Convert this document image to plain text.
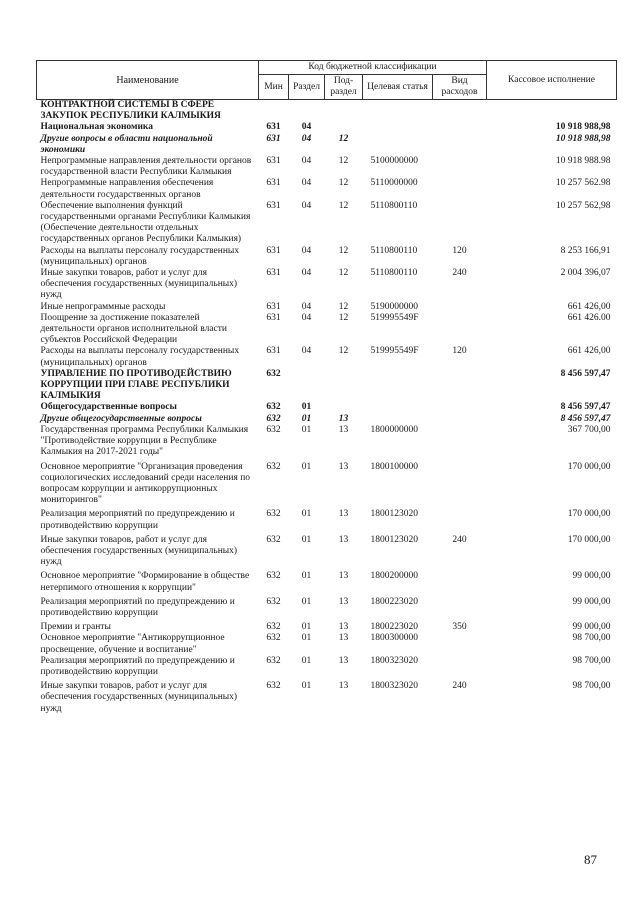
Наименование	Код бюджетной классификации					Кассовое исполнение
	Мин	Раздел	Под-раздел	Целевая статья	Вид расходов	
КОНТРАКТНОЙ СИСТЕМЫ В СФЕРЕ ЗАКУПОК РЕСПУБЛИКИ КАЛМЫКИЯ						
Национальная экономика	631	04				10 918 988,98
Другие вопросы в области национальной экономики	631	04	12			10 918 988,98
Непрограммные направления деятельности органов государственной власти Республики Калмыкия	631	04	12	5100000000		10 918 988.98
Непрограммные направления обеспечения деятельности государственных органов	631	04	12	5110000000		10 257 562.98
Обеспечение выполнения функций государственными органами Республики Калмыкия (Обеспечение деятельности отдельных государственных органов Республики Калмыкия)	631	04	12	5110800110		10 257 562,98
Расходы на выплаты персоналу государственных (муниципальных) органов	631	04	12	5110800110	120	8 253 166,91
Иные закупки товаров, работ и услуг для обеспечения государственных (муниципальных) нужд	631	04	12	5110800110	240	2 004 396,07
Иные непрограммные расходы	631	04	12	5190000000		661 426,00
Поощрение за достижение показателей деятельности органов исполнительной власти субъектов Российской Федерации	631	04	12	519995549F		661 426.00
Расходы на выплаты персоналу государственных (муниципальных) органов	631	04	12	519995549F	120	661 426,00
УПРАВЛЕНИЕ ПО ПРОТИВОДЕЙСТВИЮ КОРРУПЦИИ ПРИ ГЛАВЕ РЕСПУБЛИКИ КАЛМЫКИЯ	632					8 456 597,47
Общегосударственные вопросы	632	01				8 456 597,47
Другие общегосударственные вопросы	632	01	13			8 456 597,47
Государственная программа Республики Калмыкия "Противодействие коррупции в Республике Калмыкия на 2017-2021 годы"	632	01	13	1800000000		367 700,00
Основное мероприятие "Организация проведения социологических исследований среди населения по вопросам коррупции и антикоррупционных мониторингов"	632	01	13	1800100000		170 000,00
Реализация мероприятий по предупреждению и противодействию коррупции	632	01	13	1800123020		170 000,00
Иные закупки товаров, работ и услуг для обеспечения государственных (муниципальных) нужд	632	01	13	1800123020	240	170 000,00
Основное мероприятие "Формирование в обществе нетерпимого отношения к коррупции"	632	01	13	1800200000		99 000,00
Реализация мероприятий по предупреждению и противодействию коррупции	632	01	13	1800223020		99 000,00
Премии и гранты	632	01	13	1800223020	350	99 000,00
Основное мероприятие "Антикоррупционное просвещение, обучение и воспитание"	632	01	13	1800300000		98 700,00
Реализация мероприятий по предупреждению и противодействию коррупции	632	01	13	1800323020		98 700,00
Иные закупки товаров, работ и услуг для обеспечения государственных (муниципальных) нужд	632	01	13	1800323020	240	98 700,00
87
